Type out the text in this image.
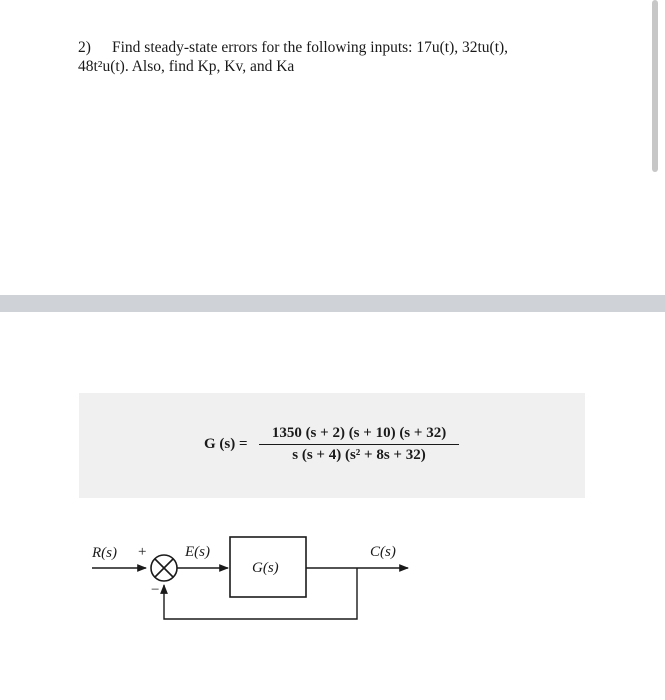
2) Find steady-state errors for the following inputs: 17u(t), 32tu(t),
48t²u(t). Also, find Kp, Kv, and Ka
G (s) =
1350 (s + 2) (s + 10) (s + 32)
s (s + 4) (s² + 8s + 32)
R(s) +
−
E(s)
G(s)
C(s)
